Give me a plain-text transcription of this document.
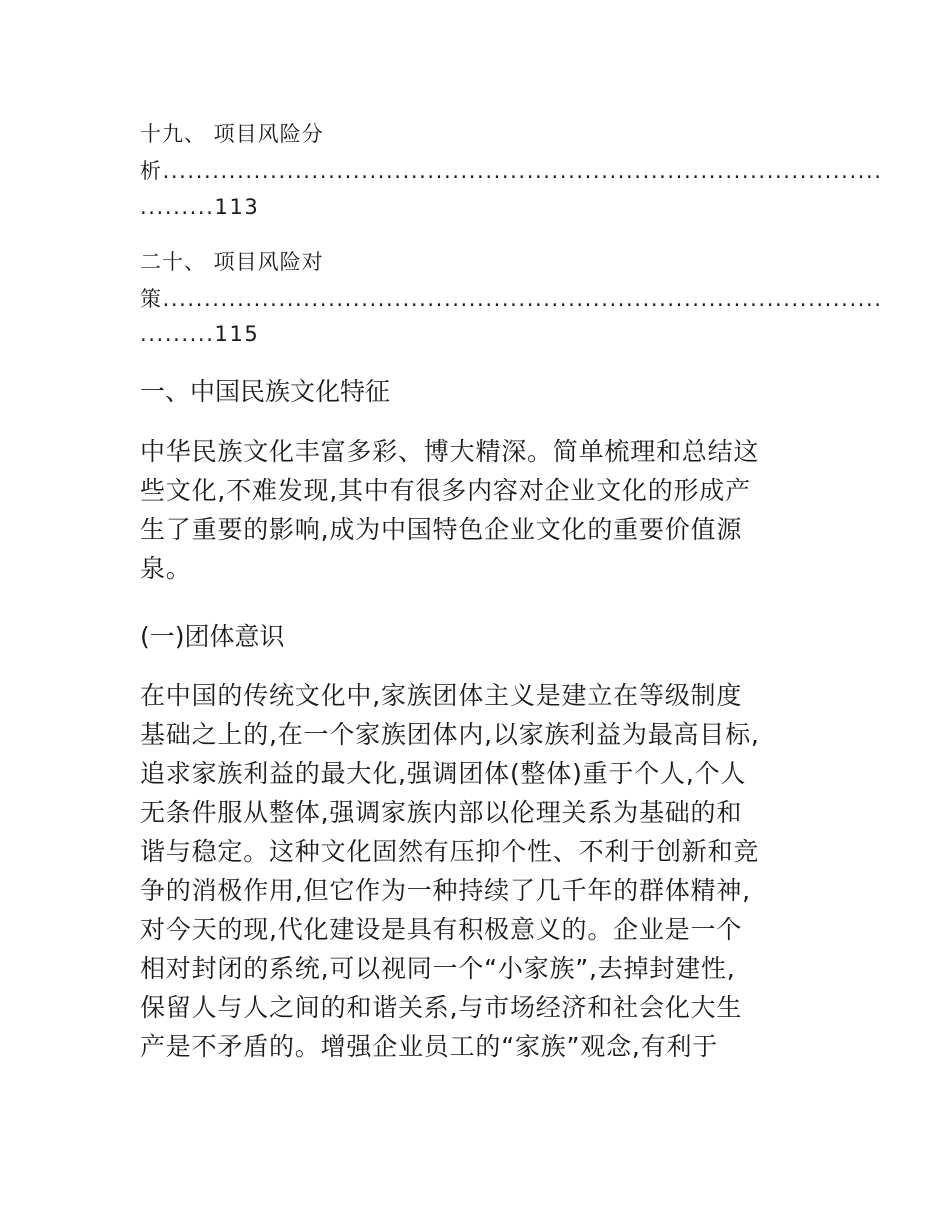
十九、 项目风险分
析.......................................................................................
.........113
二十、 项目风险对
策.......................................................................................
.........115
一、中国民族文化特征
中华民族文化丰富多彩、博大精深。简单梳理和总结这
些文化,不难发现,其中有很多内容对企业文化的形成产
生了重要的影响,成为中国特色企业文化的重要价值源
泉。
(一)团体意识
在中国的传统文化中,家族团体主义是建立在等级制度
基础之上的,在一个家族团体内,以家族利益为最高目标,
追求家族利益的最大化,强调团体(整体)重于个人,个人
无条件服从整体,强调家族内部以伦理关系为基础的和
谐与稳定。这种文化固然有压抑个性、不利于创新和竞
争的消极作用,但它作为一种持续了几千年的群体精神,
对今天的现,代化建设是具有积极意义的。企业是一个
相对封闭的系统,可以视同一个“小家族”,去掉封建性,
保留人与人之间的和谐关系,与市场经济和社会化大生
产是不矛盾的。增强企业员工的“家族”观念,有利于
